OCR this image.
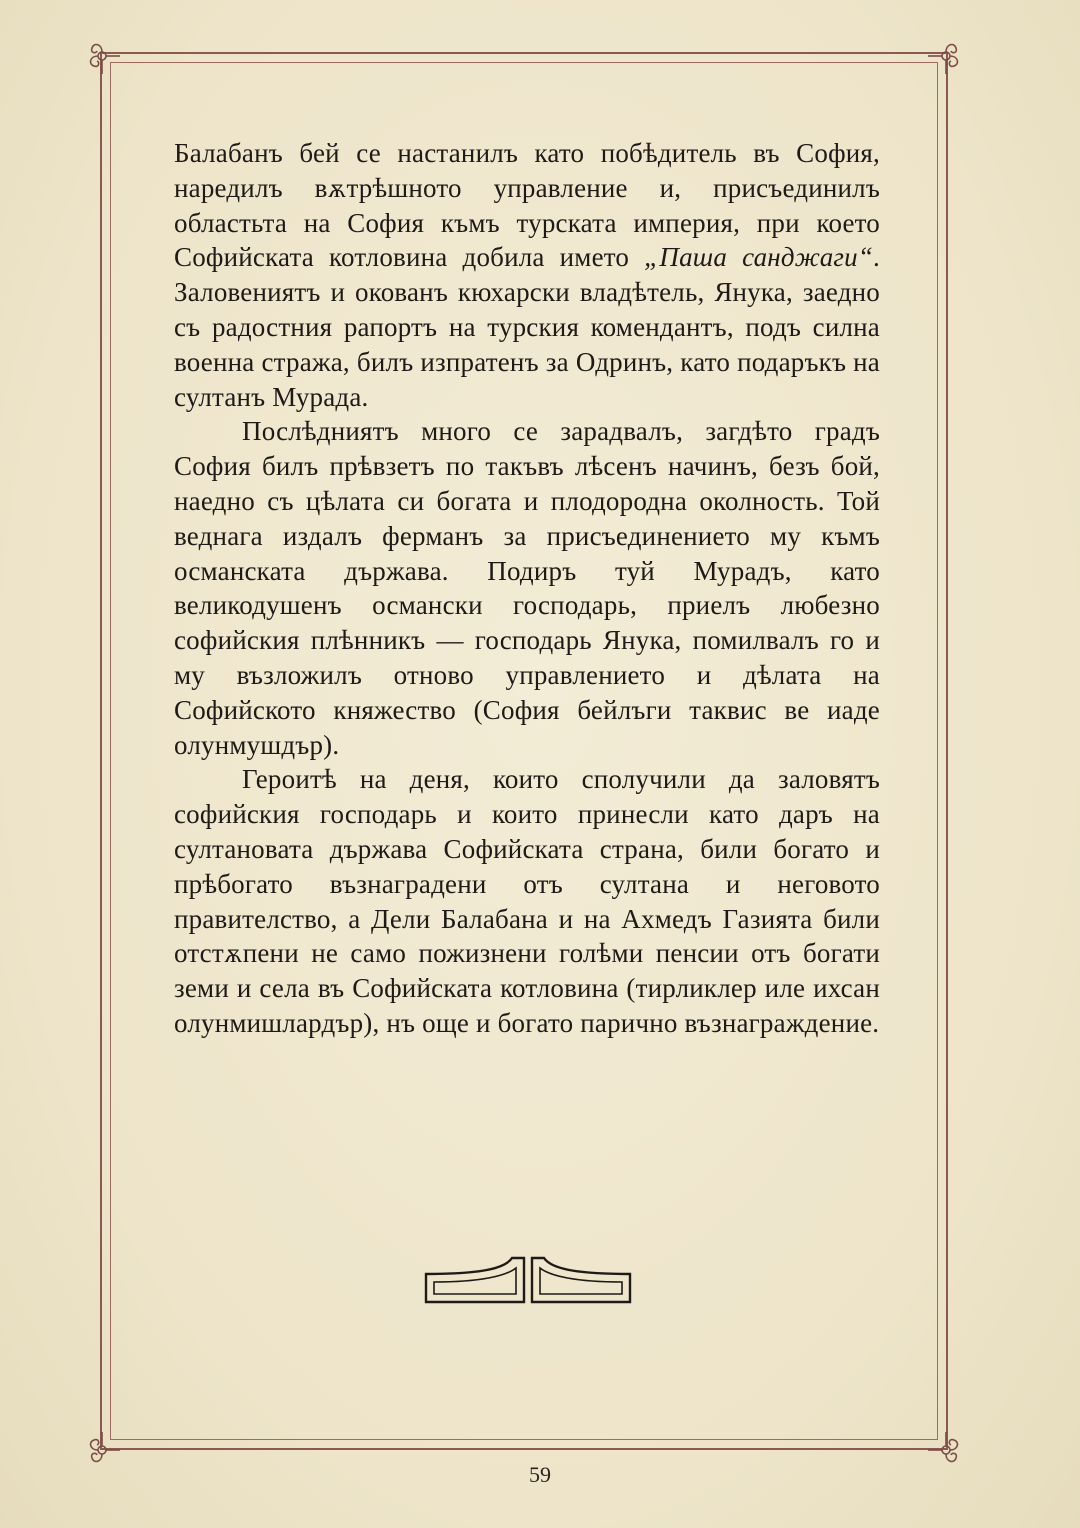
Балабанъ бей се настанилъ като побѣдитель въ София, наредилъ вѫтрѣшното управление и, присъединилъ областьта на София къмъ турската империя, при което Софийската котловина добила името „Паша санджаги“. Заловениятъ и окованъ кюхарски владѣтель, Янука, заедно съ радостния рапортъ на турския комендантъ, подъ силна военна стража, билъ изпратенъ за Одринъ, като подаръкъ на султанъ Мурада.

Послѣдниятъ много се зарадвалъ, загдѣто градъ София билъ прѣвзетъ по такъвъ лѣсенъ начинъ, безъ бой, наедно съ цѣлата си богата и плодородна околность. Той веднага издалъ ферманъ за присъединението му къмъ османската държава. Подиръ туй Мурадъ, като великодушенъ османски господарь, приелъ любезно софийския плѣнникъ — господарь Янука, помилвалъ го и му възложилъ отново управлението и дѣлата на Софийското княжество (София бейлъги таквис ве иаде олунмушдър).

Героитѣ на деня, които сполучили да заловятъ софийския господарь и които принесли като даръ на султановата държава Софийската страна, били богато и прѣбогато възнаградени отъ султана и неговото правителство, а Дели Балабана и на Ахмедъ Газията били отстѫпени не само пожизнени голѣми пенсии отъ богати земи и села въ Софийската котловина (тирликлер иле ихсан олунмишлардър), нъ още и богато парично възнаграждение.

59
